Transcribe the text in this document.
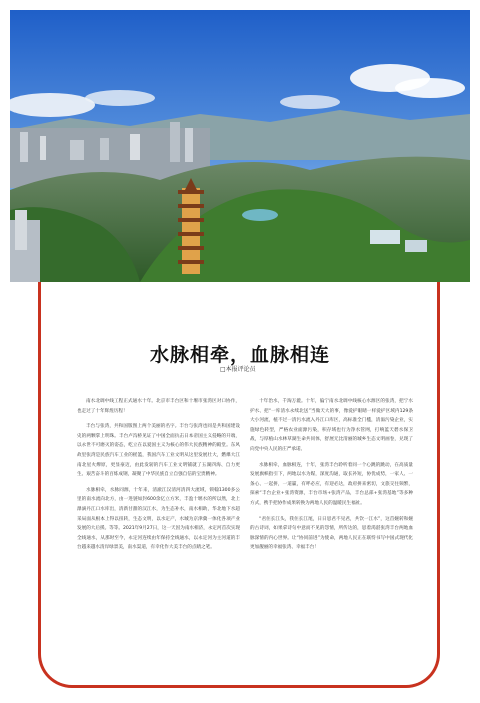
水脉相牵，血脉相连
□本报评论员

南水北调中线工程正式通水十年。北京市丰台区和十堰市张湾区对口协作，也走过了十年辉煌历程！

丰台与张湾，共和国版图上两个美丽的名字。丰台与张湾也同是共和国建设史的两颗掌上明珠。丰台卢沟桥见证了中国全面抗击日本帝国主义侵略的开端，以永世不可磨灭的姿态，屹立在以爱国主义为核心的伟大民族精神的殿堂。东风故里张湾是民族汽车工业的摇篮，我国汽车工业文明从这里发展壮大，燃爆大江南北星火燎原，更显豪迈，由此发轫的汽车工业文明铺就了五湖四海、自力更生、艰苦奋斗的百炼成钢，凝聚了中华民族自立自强自信的宝贵精神。

水脉相牵，水脉同源，十年来，清澈江汉清河清四大流域，锁翰1300多公里的南水流向北方，由一进链如封600余亿立方米，丰盈十堰水的所以然，北上瀑滴丹江口水库出，清新甘甜的汉江水，为生态补水，南水相助，华北地下水超采局面从根本上得以扭转，生态文明，以水定产，水城为京津冀一体化各项产业发展的大后援。等等。2021年9月27日，这一天因为南水相济，永定河首次实现全线通水，从那时至今，永定河连续由年保持全线通水，以永定河为主河道的丰台越来越水清岸绿景美，南水渠道，有幸化作大美丰台的点睛之笔。

十年治水，千淘万漉。十年，偏宁南水北调中线核心水源区的张湾，把宁水护水、把“一库清水永续北送”当做天大的事，像爱护眼睛一样爱护区域内129条大小河流，植不过一清污水流入丹江口库区，高标准全门槛，清溢污染企业，实施绿色转型，严格农业面源污染，积存域也行为净水管网，打响蓝天碧水保卫战，与厚植山水林草湖生命共同体，舒展无比清丽的城乡生态文明画卷，兑现了向党中央人民的庄严承诺。

水脉相牵，血脉相连，十年，张湾丰台聆听着同一个心跳的跳动，在高质量发展旗帜指引下，两地以水为媒，深度沟通，取长补短，协优成势，一家人、一条心、一起拼，一道赢，有呼必应，有迎必达，政府拼来密切，文旅交往频繁，探索“丰台企业+张湾资源，丰台市场+张湾产品，丰台总部+张湾基地”等多种方式，携手把协作成果转换为两地人民的温暖民生福祉。

“君住长江头，我住长江尾，日日思君不见君，共饮一江水”，这首婉转和婉的古诗词，如果拿诗句中意而不见的怨情，所传达的，思着渴湛张湾丰台两地血脉深情的内心世界。让“协同前进”为使命，两地人民正在联恃书写中国式现代化更加靓丽的幸福张湾、幸福丰台！
